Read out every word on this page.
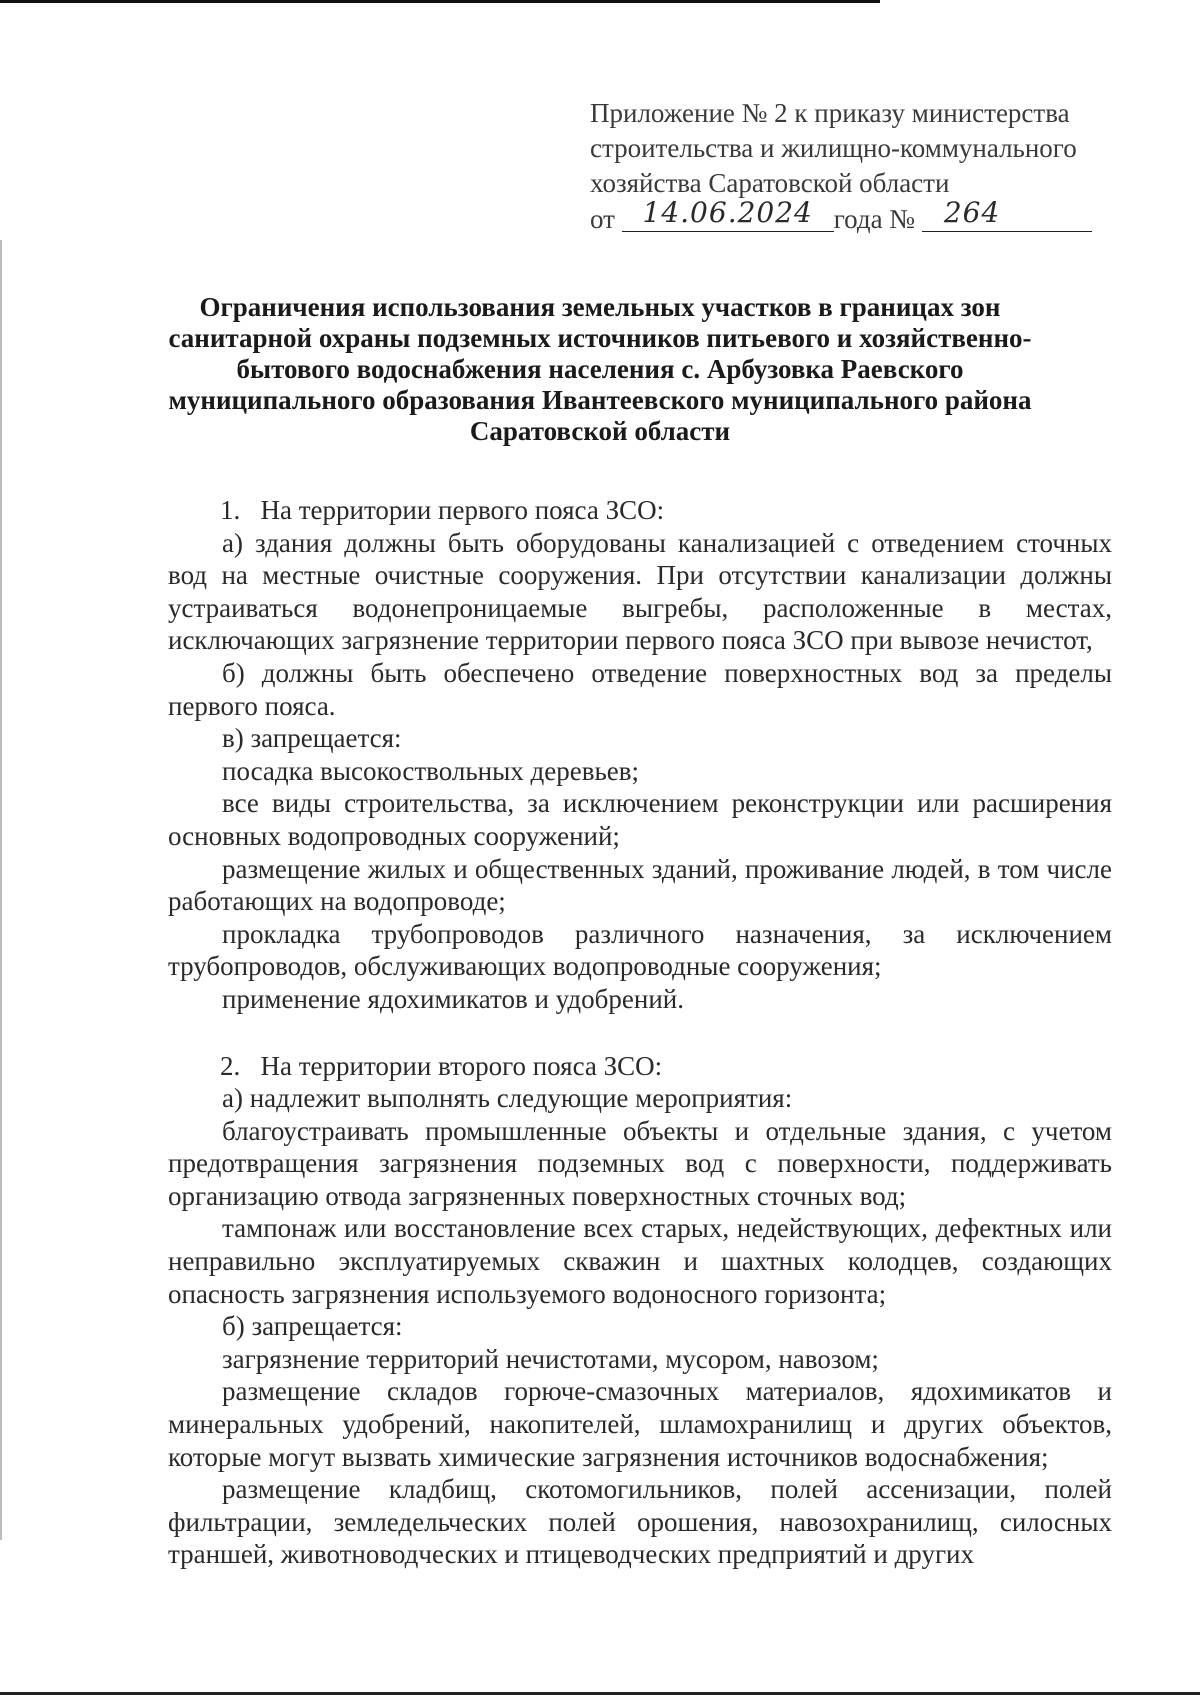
Приложение № 2 к приказу министерства
строительства и жилищно-коммунального
хозяйства Саратовской области
от 14.06.2024 года № 264
Ограничения использования земельных участков в границах зон
санитарной охраны подземных источников питьевого и хозяйственно-
бытового водоснабжения населения с. Арбузовка Раевского
муниципального образования Ивантеевского муниципального района
Саратовской области

1.   На территории первого пояса ЗСО:

а) здания должны быть оборудованы канализацией с отведением сточных вод на местные очистные сооружения. При отсутствии канализации должны устраиваться водонепроницаемые выгребы, расположенные в местах, исключающих загрязнение территории первого пояса ЗСО при вывозе нечистот,

б) должны быть обеспечено отведение поверхностных вод за пределы первого пояса.

в) запрещается:

посадка высокоствольных деревьев;

все виды строительства, за исключением реконструкции или расширения основных водопроводных сооружений;

размещение жилых и общественных зданий, проживание людей, в том числе работающих на водопроводе;

прокладка трубопроводов различного назначения, за исключением трубопроводов, обслуживающих водопроводные сооружения;

применение ядохимикатов и удобрений.

2.   На территории второго пояса ЗСО:

а) надлежит выполнять следующие мероприятия:

благоустраивать промышленные объекты и отдельные здания, с учетом предотвращения загрязнения подземных вод с поверхности, поддерживать организацию отвода загрязненных поверхностных сточных вод;

тампонаж или восстановление всех старых, недействующих, дефектных или неправильно эксплуатируемых скважин и шахтных колодцев, создающих опасность загрязнения используемого водоносного горизонта;

б) запрещается:

загрязнение территорий нечистотами, мусором, навозом;

размещение складов горюче-смазочных материалов, ядохимикатов и минеральных удобрений, накопителей, шламохранилищ и других объектов, которые могут вызвать химические загрязнения источников водоснабжения;

размещение кладбищ, скотомогильников, полей ассенизации, полей фильтрации, земледельческих полей орошения, навозохранилищ, силосных траншей, животноводческих и птицеводческих предприятий и других
